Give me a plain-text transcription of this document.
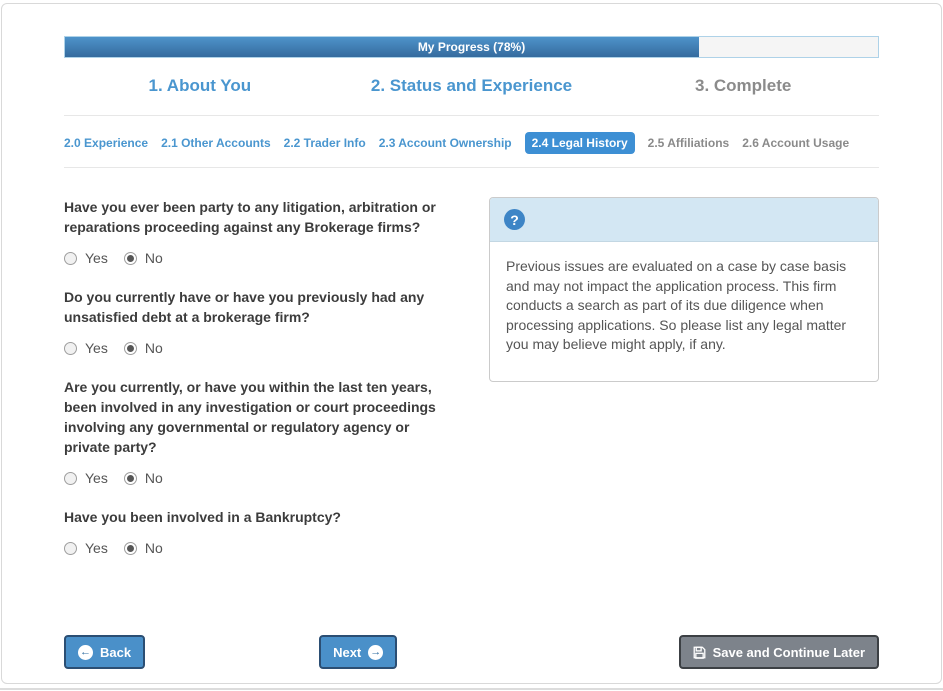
My Progress (78%)
1. About You	2. Status and Experience	3. Complete
2.0 Experience 2.1 Other Accounts 2.2 Trader Info 2.3 Account Ownership	2.4 Legal History	2.5 Affiliations 2.6 Account Usage
Have you ever been party to any litigation, arbitration or reparations proceeding against any Brokerage firms?
Yes	No
Do you currently have or have you previously had any unsatisfied debt at a brokerage firm?
Yes	No
Are you currently, or have you within the last ten years, been involved in any investigation or court proceedings involving any governmental or regulatory agency or private party?
Yes	No
Have you been involved in a Bankruptcy?
Yes	No
?
Previous issues are evaluated on a case by case basis and may not impact the application process. This firm conducts a search as part of its due diligence when processing applications. So please list any legal matter you may believe might apply, if any.
←
Back	Next →	Save and Continue Later
